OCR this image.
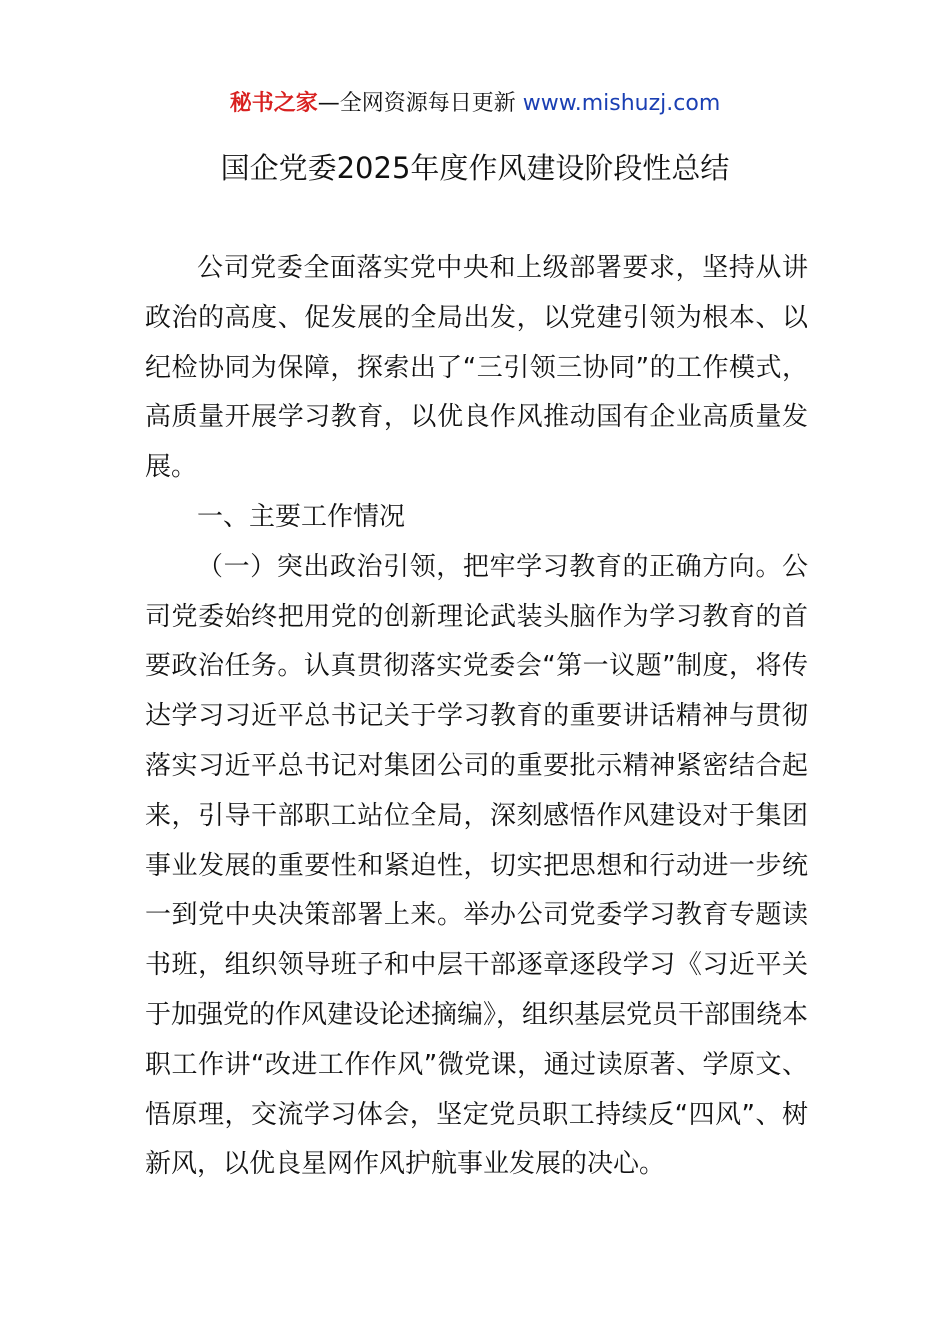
秘书之家—全网资源每日更新 www.mishuzj.com
国企党委2025年度作风建设阶段性总结

公司党委全面落实党中央和上级部署要求，坚持从讲政治的高度、促发展的全局出发，以党建引领为根本、以纪检协同为保障，探索出了“三引领三协同”的工作模式，高质量开展学习教育，以优良作风推动国有企业高质量发展。

一、主要工作情况

（一）突出政治引领，把牢学习教育的正确方向。公司党委始终把用党的创新理论武装头脑作为学习教育的首要政治任务。认真贯彻落实党委会“第一议题”制度，将传达学习习近平总书记关于学习教育的重要讲话精神与贯彻落实习近平总书记对集团公司的重要批示精神紧密结合起来，引导干部职工站位全局，深刻感悟作风建设对于集团事业发展的重要性和紧迫性，切实把思想和行动进一步统一到党中央决策部署上来。举办公司党委学习教育专题读书班，组织领导班子和中层干部逐章逐段学习《习近平关于加强党的作风建设论述摘编》，组织基层党员干部围绕本职工作讲“改进工作作风”微党课，通过读原著、学原文、悟原理，交流学习体会，坚定党员职工持续反“四风”、树新风，以优良星网作风护航事业发展的决心。
